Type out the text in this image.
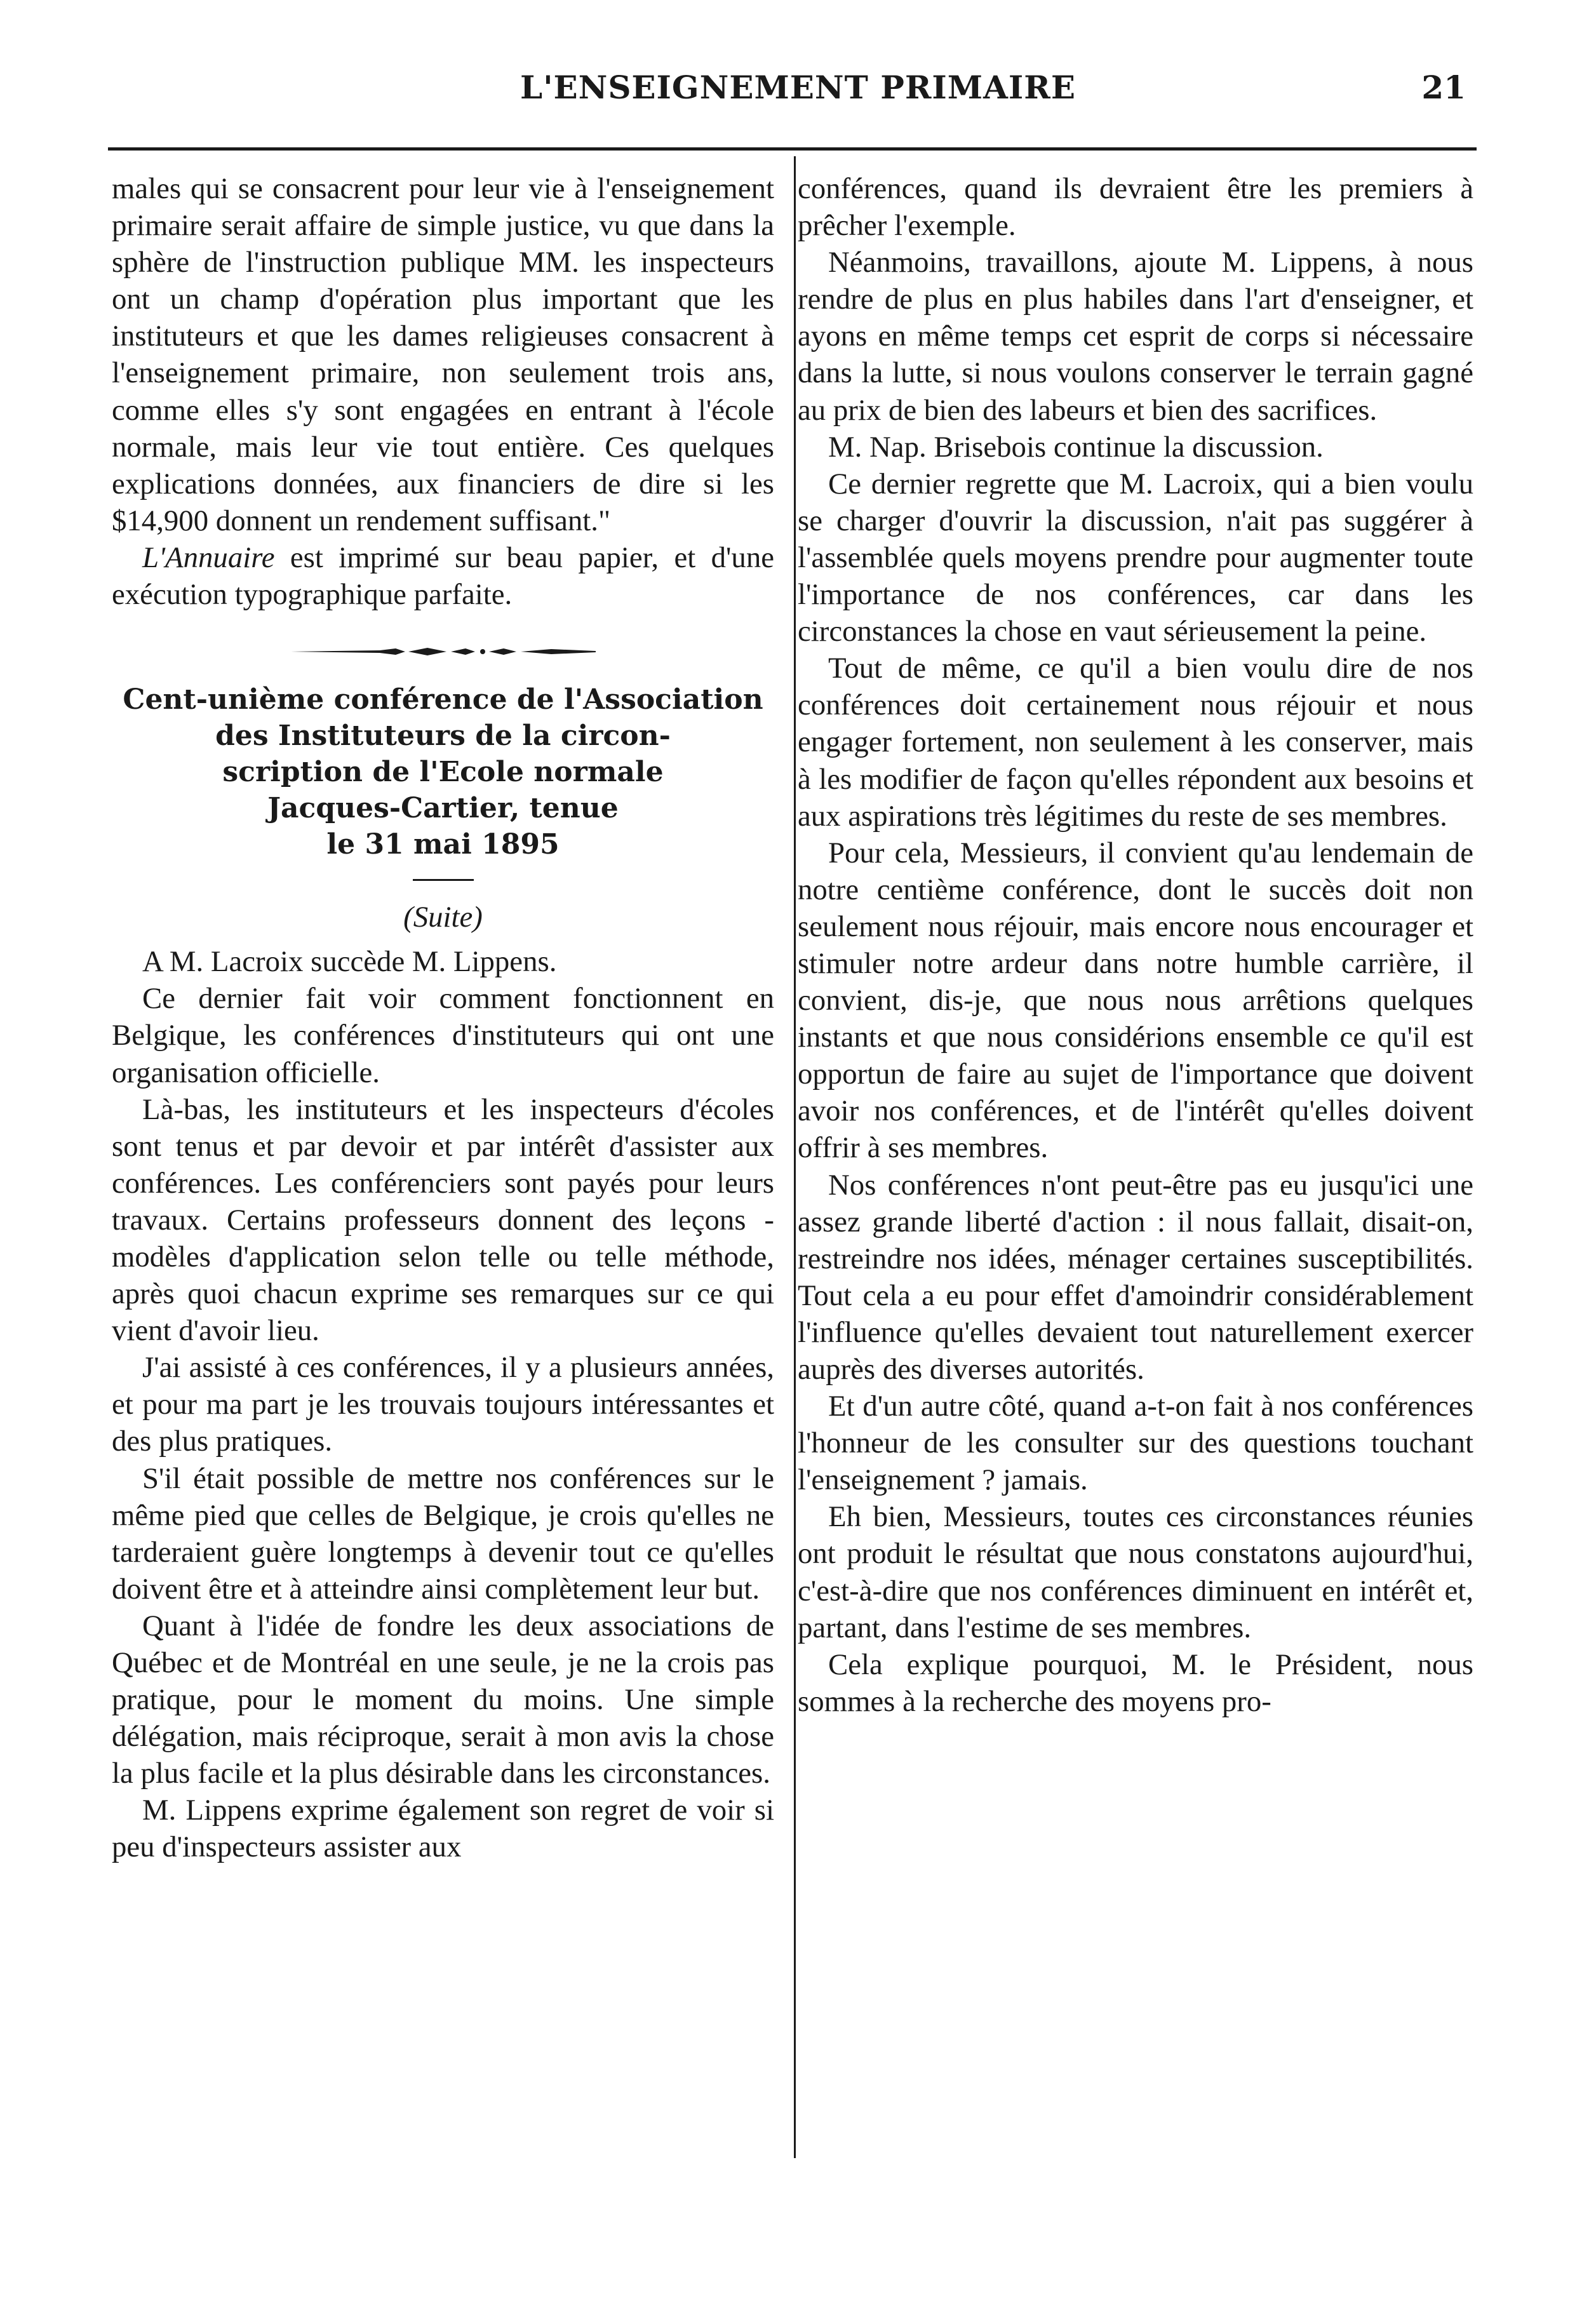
L'ENSEIGNEMENT PRIMAIRE	21

males qui se consacrent pour leur vie à l'enseignement primaire serait affaire de simple justice, vu que dans la sphère de l'instruction publique MM. les inspecteurs ont un champ d'opération plus important que les instituteurs et que les dames religieuses consacrent à l'enseignement primaire, non seulement trois ans, comme elles s'y sont engagées en entrant à l'école normale, mais leur vie tout entière. Ces quelques explications données, aux financiers de dire si les $14,900 donnent un rendement suffisant."

L'Annuaire est imprimé sur beau papier, et d'une exécution typographique parfaite.

Cent-unième conférence de l'Association des Instituteurs de la circon-
scription de l'Ecole normale
Jacques-Cartier, tenue
le 31 mai 1895
(Suite)

A M. Lacroix succède M. Lippens.

Ce dernier fait voir comment fonctionnent en Belgique, les conférences d'instituteurs qui ont une organisation officielle.

Là-bas, les instituteurs et les inspecteurs d'écoles sont tenus et par devoir et par intérêt d'assister aux conférences. Les conférenciers sont payés pour leurs travaux. Certains professeurs donnent des leçons - modèles d'application selon telle ou telle méthode, après quoi chacun exprime ses remarques sur ce qui vient d'avoir lieu.

J'ai assisté à ces conférences, il y a plusieurs années, et pour ma part je les trouvais toujours intéressantes et des plus pratiques.

S'il était possible de mettre nos conférences sur le même pied que celles de Belgique, je crois qu'elles ne tarderaient guère longtemps à devenir tout ce qu'elles doivent être et à atteindre ainsi complètement leur but.

Quant à l'idée de fondre les deux associations de Québec et de Montréal en une seule, je ne la crois pas pratique, pour le moment du moins. Une simple délégation, mais réciproque, serait à mon avis la chose la plus facile et la plus désirable dans les circonstances.

M. Lippens exprime également son regret de voir si peu d'inspecteurs assister aux

conférences, quand ils devraient être les premiers à prêcher l'exemple.

Néanmoins, travaillons, ajoute M. Lippens, à nous rendre de plus en plus habiles dans l'art d'enseigner, et ayons en même temps cet esprit de corps si nécessaire dans la lutte, si nous voulons conserver le terrain gagné au prix de bien des labeurs et bien des sacrifices.

M. Nap. Brisebois continue la discussion.

Ce dernier regrette que M. Lacroix, qui a bien voulu se charger d'ouvrir la discussion, n'ait pas suggérer à l'assemblée quels moyens prendre pour augmenter toute l'importance de nos conférences, car dans les circonstances la chose en vaut sérieusement la peine.

Tout de même, ce qu'il a bien voulu dire de nos conférences doit certainement nous réjouir et nous engager fortement, non seulement à les conserver, mais à les modifier de façon qu'elles répondent aux besoins et aux aspirations très légitimes du reste de ses membres.

Pour cela, Messieurs, il convient qu'au lendemain de notre centième conférence, dont le succès doit non seulement nous réjouir, mais encore nous encourager et stimuler notre ardeur dans notre humble carrière, il convient, dis-je, que nous nous arrêtions quelques instants et que nous considérions ensemble ce qu'il est opportun de faire au sujet de l'importance que doivent avoir nos conférences, et de l'intérêt qu'elles doivent offrir à ses membres.

Nos conférences n'ont peut-être pas eu jusqu'ici une assez grande liberté d'action : il nous fallait, disait-on, restreindre nos idées, ménager certaines susceptibilités. Tout cela a eu pour effet d'amoindrir considérablement l'influence qu'elles devaient tout naturellement exercer auprès des diverses autorités.

Et d'un autre côté, quand a-t-on fait à nos conférences l'honneur de les consulter sur des questions touchant l'enseignement ? jamais.

Eh bien, Messieurs, toutes ces circonstances réunies ont produit le résultat que nous constatons aujourd'hui, c'est-à-dire que nos conférences diminuent en intérêt et, partant, dans l'estime de ses membres.

Cela explique pourquoi, M. le Président, nous sommes à la recherche des moyens pro-
